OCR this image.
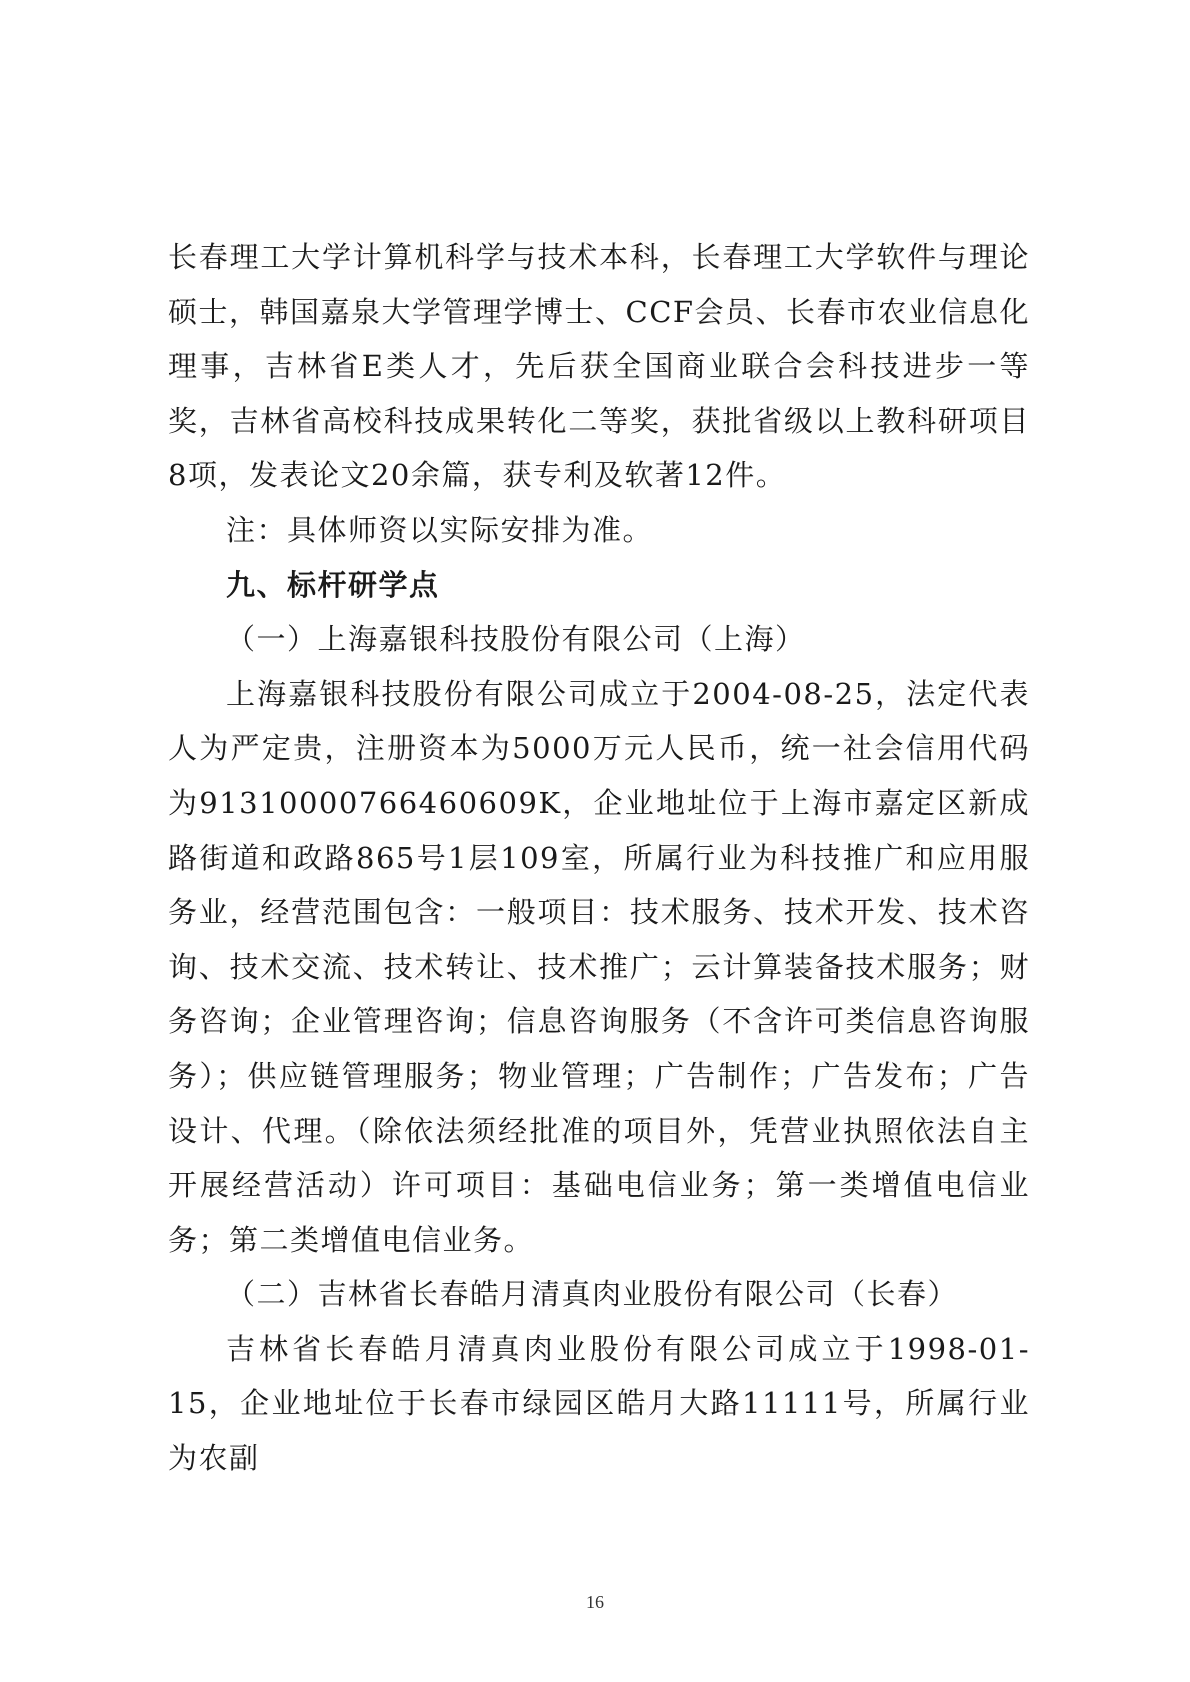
长春理工大学计算机科学与技术本科，长春理工大学软件与理论硕士，韩国嘉泉大学管理学博士、CCF会员、长春市农业信息化理事，吉林省E类人才，先后获全国商业联合会科技进步一等奖，吉林省高校科技成果转化二等奖，获批省级以上教科研项目8项，发表论文20余篇，获专利及软著12件。

注：具体师资以实际安排为准。

九、标杆研学点

（一）上海嘉银科技股份有限公司（上海）

上海嘉银科技股份有限公司成立于2004-08-25，法定代表人为严定贵，注册资本为5000万元人民币，统一社会信用代码为91310000766460609K，企业地址位于上海市嘉定区新成路街道和政路865号1层109室，所属行业为科技推广和应用服务业，经营范围包含：一般项目：技术服务、技术开发、技术咨询、技术交流、技术转让、技术推广；云计算装备技术服务；财务咨询；企业管理咨询；信息咨询服务（不含许可类信息咨询服务）；供应链管理服务；物业管理；广告制作；广告发布；广告设计、代理。（除依法须经批准的项目外，凭营业执照依法自主开展经营活动）许可项目：基础电信业务；第一类增值电信业务；第二类增值电信业务。

（二）吉林省长春皓月清真肉业股份有限公司（长春）

吉林省长春皓月清真肉业股份有限公司成立于1998-01-15，企业地址位于长春市绿园区皓月大路11111号，所属行业为农副

16
